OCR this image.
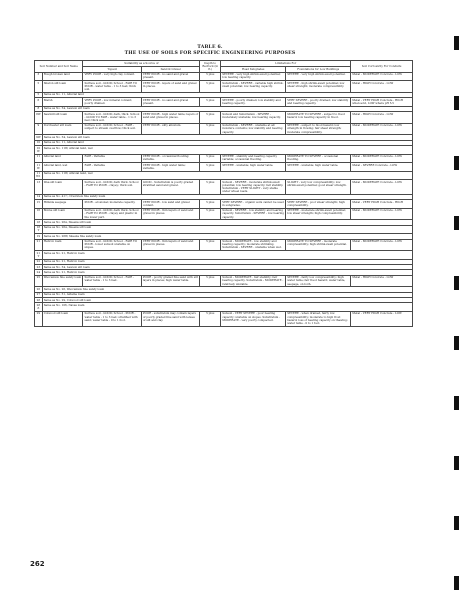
TABLE 6.
THE USE OF SOILS FOR SPECIFIC ENGINEERING PURPOSES
Soil Number and Soil Name		Suitability as a Source of		Depth to Bedrock (in ft.)	Limitations For		Soil Corrosivity For Conduits
		Topsoil	Sand & Gravel		Road Subgrades	Foundations for Low Buildings	
3	Rough broken land	VERY POOR - very high clay content.	VERY POOR - no sand and gravel present.	5 plus	SEVERE - very high shrink-swell potential; low bearing capacity.	SEVERE - very high shrink-swell potential.	Metal - MODERATE Concrete - LOW
5	Sharon silt loam	Surface soil - GOOD; School - FAIR TO POOR - water table - 1 to 3 feet; thick soil.	VERY POOR - layers of sand and gravel in places.	5 plus	Substratum - SEVERE - variable high shrink-swell potential; low bearing capacity.	SEVERE - high shrink-swell potential; low shear strength; moderate compressibility.	Metal - HIGH Concrete - LOW
5	Same as No. 11, Alluvial land						
6	Marsh	VERY POOR - low mineral content; poorly drained.	VERY POOR - no sand and gravel present.	5 plus	SEVERE - poorly drained; low stability and bearing capacity.	VERY SEVERE - poorly drained; low stability and bearing capacity.	Metal - VERY HIGH Concrete - HIGH when acid, LOW where pH 5.5
8	Same as No. 54, Lawson silt loam						
8W	Sawmill silt loam	Surface soil - GOOD; dark, thick. School - GOOD TO FAIR - water table - 1 to 3 feet; thick soil.	VERY POOR - high water table; layers of sand and gravel in places.	5 plus	Subsoil and Substratum - SEVERE - moderately unstable; low bearing capacity.	MODERATE TO SEVERE - subject to flood hazard; low bearing capacity in flood.	Metal - HIGH Concrete - LOW
9	Dorchester silt loam	Surface soil - GOOD; School - FAIR - subject to stream overflow; thick soil.	VERY POOR - silty alluvium.	5 plus	Substratum - SEVERE - unstable at all moisture contents; low stability and bearing capacity.	SEVERE - subject to flood hazard; low strength in flowing; fair shear strength; moderate compressibility.	Metal - MODERATE Concrete - LOW
9W	Same as No. 54, Lawson silt loam						
10	Same as No. 11, Alluvial land						
10W	Same as No. 11W, Alluvial land, wet						
11	Alluvial land	FAIR - Variable	VERY POOR - occasional flooding; variable.	5 plus	SEVERE - stability and bearing capacity variable; occasional flooding.	MODERATE TO SEVERE - occasional flooding.	Metal - MODERATE Concrete - LOW
11W	Alluvial land, wet	FAIR - Variable	VERY POOR - high water table; variable.	5 plus	SEVERE - unstable; high water table.	SEVERE - unstable; high water table.	Metal - SEVERE Concrete - LOW
11W1	Same as No. 11W, Alluvial land, wet						
13	Wea silt loam	Surface soil - GOOD; dark thick. School - FAIR TO POOR - clayey; thick soil.	GOOD - Substratum is poorly graded stratified sand and gravel.	5 plus	Subsoil - SEVERE - moderate shrink-swell potential; low bearing capacity; fair stability. Substratum - VERY SLIGHT - very stable under wheel loads.	SLIGHT - very low compressibility; low shrink-swell potential; good shear strength.	Metal - MODERATE Concrete - LOW
14	Same as No. 41½, Crestview fine sandy loam						
15	Hillside seepage	POOR - erosional; moderate capacity.	VERY POOR - low sand and gravel content.	5 plus	VERY SEVERE - organic soils cannot be used in subgrades.	VERY SEVERE - poor shear strength; high compressibility.	Metal - VERY HIGH Concrete - HIGH
16	Bonne silt loam	Surface soil - GOOD; dark thick. School - FAIR TO POOR - clayey and plastic in the lower part.	VERY POOR - thin layers of sand and gravel in places.	5 plus	Subsoil - SEVERE - low stability and bearing capacity. Substratum - SEVERE - low bearing capacity.	SEVERE - moderate shrink-swell potential; low shear strength; high compressibility.	Metal - MODERATE Concrete - LOW
18	Same as No. 26A, Skeena silt loam						
18T	Same as No. 26A, Skeena silt loam						
19	Same as No. 26W, Skeena fine sandy loam						
21	Hebron loam	Surface soil - GOOD; School - FAIR TO POOR - lower subsoil unstable on slopes.	VERY POOR - thin layers of sand and gravel in places.	5 plus	Subsoil - MODERATE - low stability and bearing capacity; moderate shrinking. Substratum - SEVERE - unstable when wet.	MODERATE TO SEVERE - moderate compressibility; high shrink-swell potential.	Metal - MODERATE Concrete - LOW
21T	Same as No. 21, Hebron loam						
22	Same as No. 21, Hebron loam						
23	Same as No. 54, Lawson silt loam						
24	Same as No. 21, Hebron loam						
25	Waccamaw fine sandy loam	Surface soil - GOOD; School - FAIR - water table - 1 to 3 feet.	POOR - poorly graded fine sand with silt layers in places; high water table.	5 plus	Subsoil - MODERATE - fair stability; fair bearing capacity. Substratum - MODERATE - relatively unstable.	SEVERE - fairly low compressibility; high water table; fair flood hazard; water table, seepage, on both.	Metal - HIGH Concrete - LOW
26	Same as No. 26, Waccamaw fine sandy loam						
27	Same as No. 51, Aldaine loam						
28	Same as No. 29, Colwood silt loam						
28Z	Same as No. 106, Navas loam						
29	Colwood silt loam	Surface soil - GOOD; School - POOR - water table - 1 to 3 feet; stratified with sand; water table - 0 to 1 foot.	POOR - substratum may contain layers of poorly graded fine sand with lenses of silt and clay.	5 plus	Subsoil - VERY SEVERE - poor bearing capacity; unstable on slopes. Substratum - MODERATE - very poorly compacted.	SEVERE - when drained, fairly low compressibility; moderate to high frost hazard; loss of bearing capacity on thawing; water table - 0 to 1 foot.	Metal - VERY HIGH Concrete - LOW
262
